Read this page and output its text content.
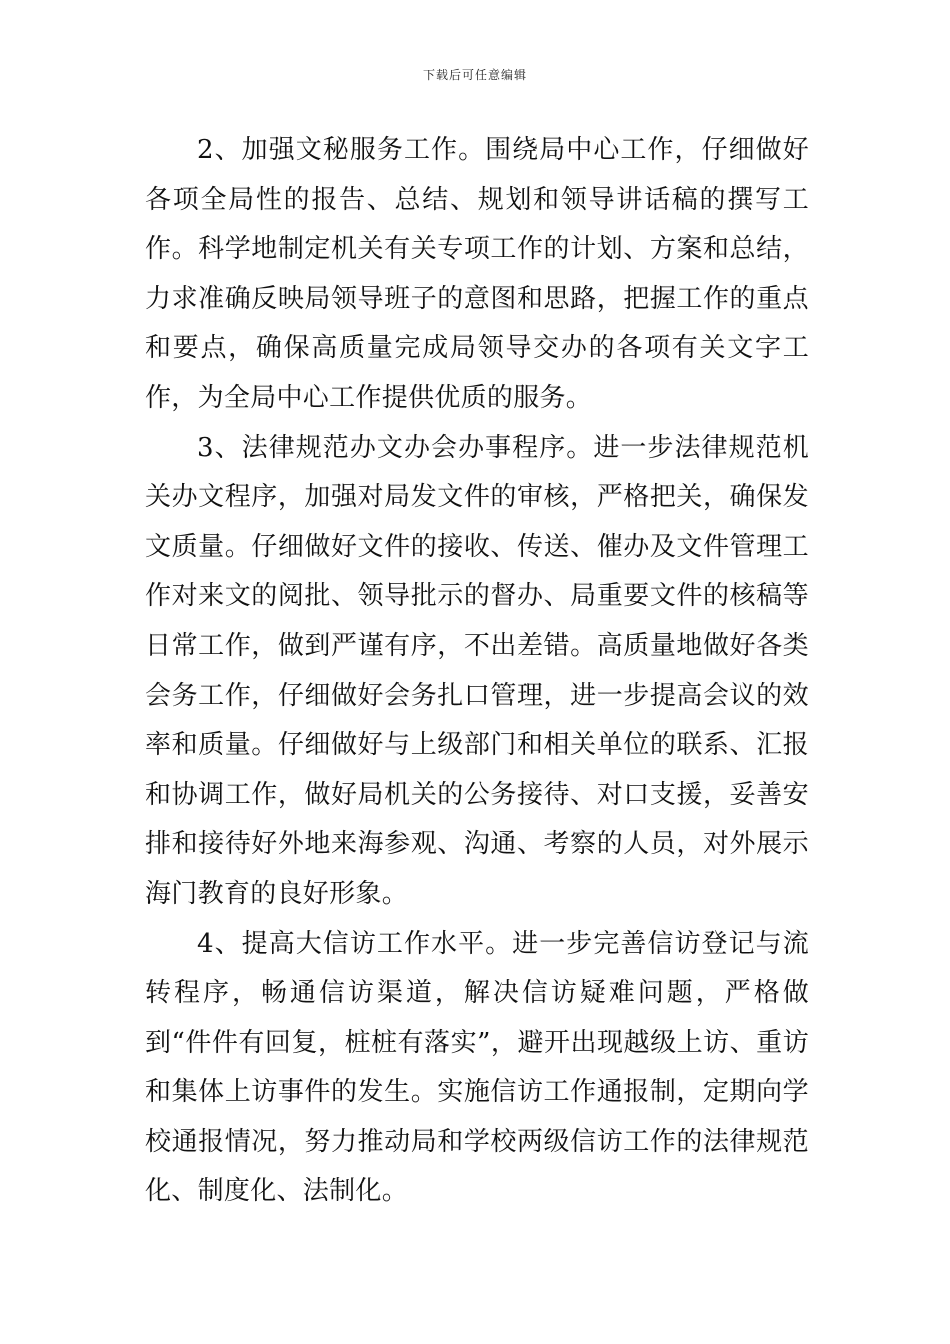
下载后可任意编辑

2、加强文秘服务工作。围绕局中心工作，仔细做好各项全局性的报告、总结、规划和领导讲话稿的撰写工作。科学地制定机关有关专项工作的计划、方案和总结，力求准确反映局领导班子的意图和思路，把握工作的重点和要点，确保高质量完成局领导交办的各项有关文字工作，为全局中心工作提供优质的服务。

3、法律规范办文办会办事程序。进一步法律规范机关办文程序，加强对局发文件的审核，严格把关，确保发文质量。仔细做好文件的接收、传送、催办及文件管理工作对来文的阅批、领导批示的督办、局重要文件的核稿等日常工作，做到严谨有序，不出差错。高质量地做好各类会务工作，仔细做好会务扎口管理，进一步提高会议的效率和质量。仔细做好与上级部门和相关单位的联系、汇报和协调工作，做好局机关的公务接待、对口支援，妥善安排和接待好外地来海参观、沟通、考察的人员，对外展示海门教育的良好形象。

4、提高大信访工作水平。进一步完善信访登记与流转程序，畅通信访渠道，解决信访疑难问题，严格做到“件件有回复，桩桩有落实”，避开出现越级上访、重访和集体上访事件的发生。实施信访工作通报制，定期向学校通报情况，努力推动局和学校两级信访工作的法律规范化、制度化、法制化。
